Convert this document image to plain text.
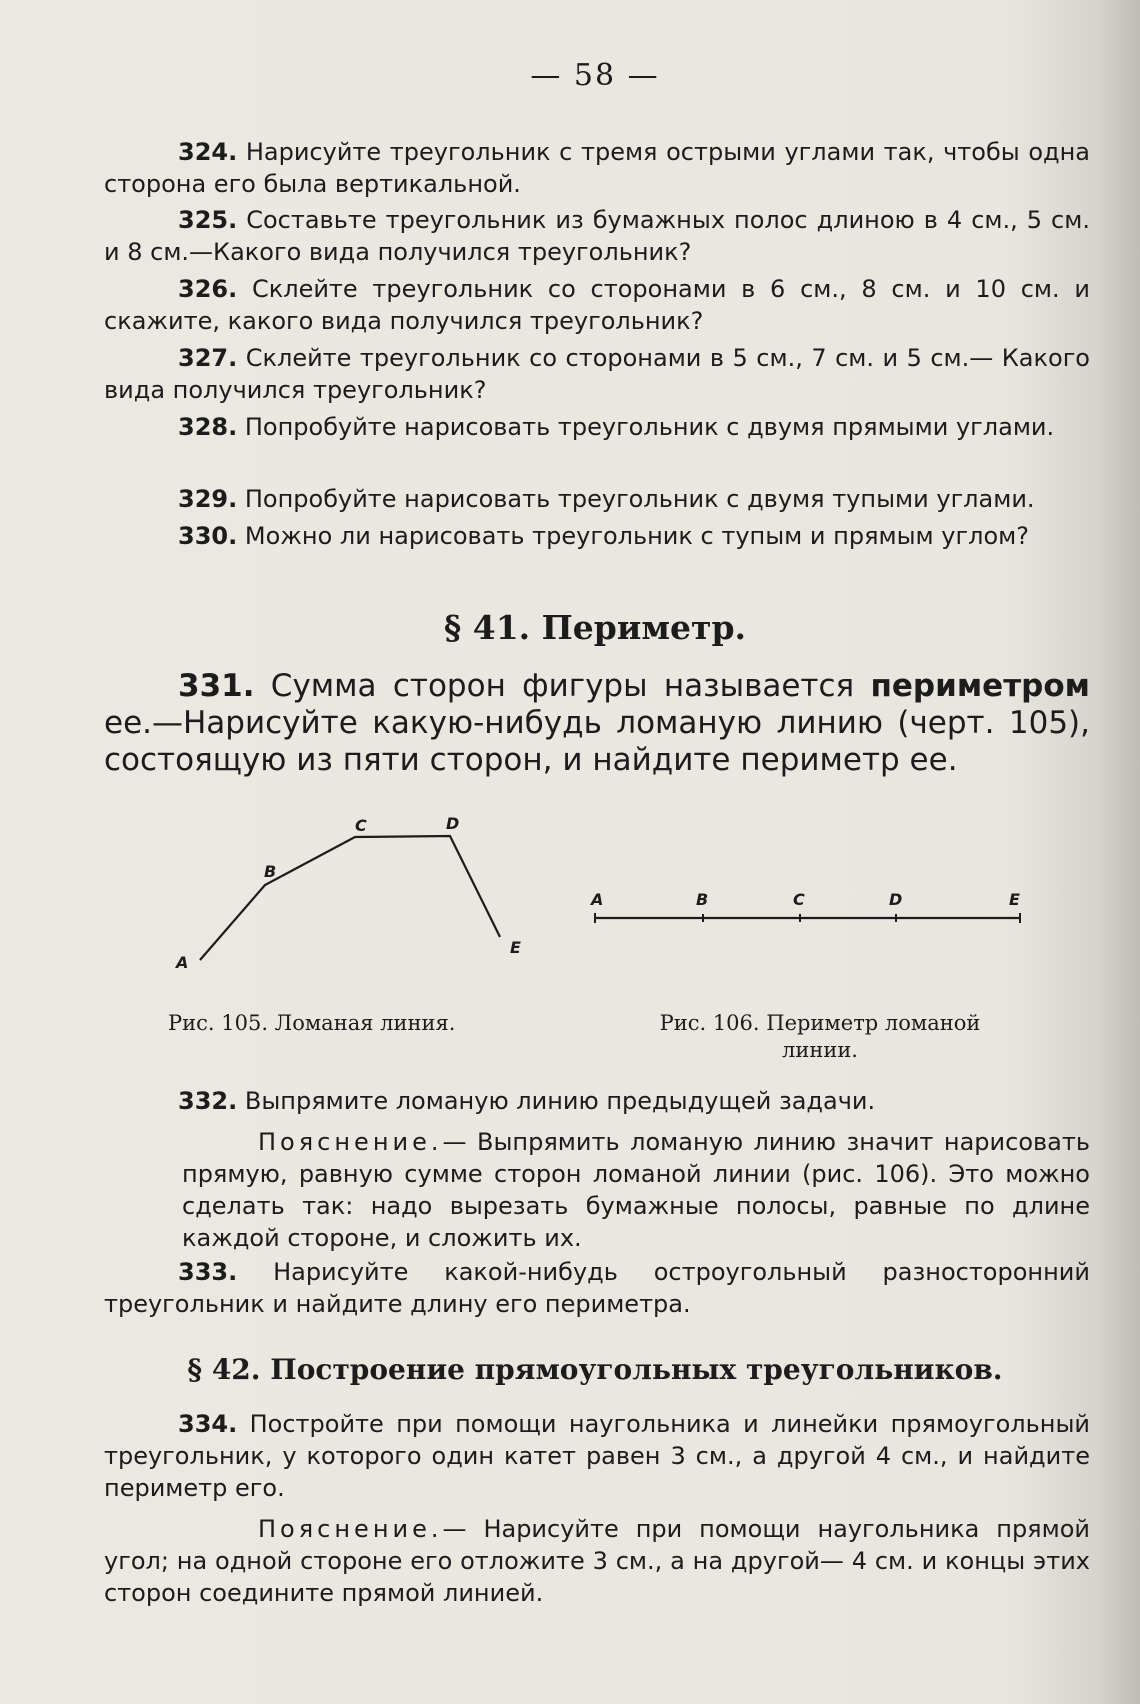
— 58 —
324. Нарисуйте треугольник с тремя острыми углами так, чтобы одна сторона его была вертикальной.
325. Составьте треугольник из бумажных полос длиною в 4 см., 5 см. и 8 см.—Какого вида получился треугольник?
326. Склейте треугольник со сторонами в 6 см., 8 см. и 10 см. и скажите, какого вида получился треугольник?
327. Склейте треугольник со сторонами в 5 см., 7 см. и 5 см.— Какого вида получился треугольник?
328. Попробуйте нарисовать треугольник с двумя прямыми углами.
329. Попробуйте нарисовать треугольник с двумя тупыми углами.
330. Можно ли нарисовать треугольник с тупым и прямым углом?
§ 41. Периметр.
331. Сумма сторон фигуры называется периметром ее.—Нарисуйте какую-нибудь ломаную линию (черт. 105), состоящую из пяти сторон, и найдите периметр ее.
A
B
C	D
E
A	B	C	D	E
Рис. 105. Ломаная линия.	Рис. 106. Периметр ломаной
линии.
332. Выпрямите ломаную линию предыдущей задачи.
Пояснение.— Выпрямить ломаную линию значит нарисовать прямую, равную сумме сторон ломаной линии (рис. 106). Это можно сделать так: надо вырезать бумажные полосы, равные по длине каждой стороне, и сложить их.
333. Нарисуйте какой-нибудь остроугольный разносторонний треугольник и найдите длину его периметра.
§ 42. Построение прямоугольных треугольников.
334. Постройте при помощи наугольника и линейки прямоугольный треугольник, у которого один катет равен 3 см., а другой 4 см., и найдите периметр его.
Пояснение.— Нарисуйте при помощи наугольника прямой угол; на одной стороне его отложите 3 см., а на другой— 4 см. и концы этих сторон соедините прямой линией.
